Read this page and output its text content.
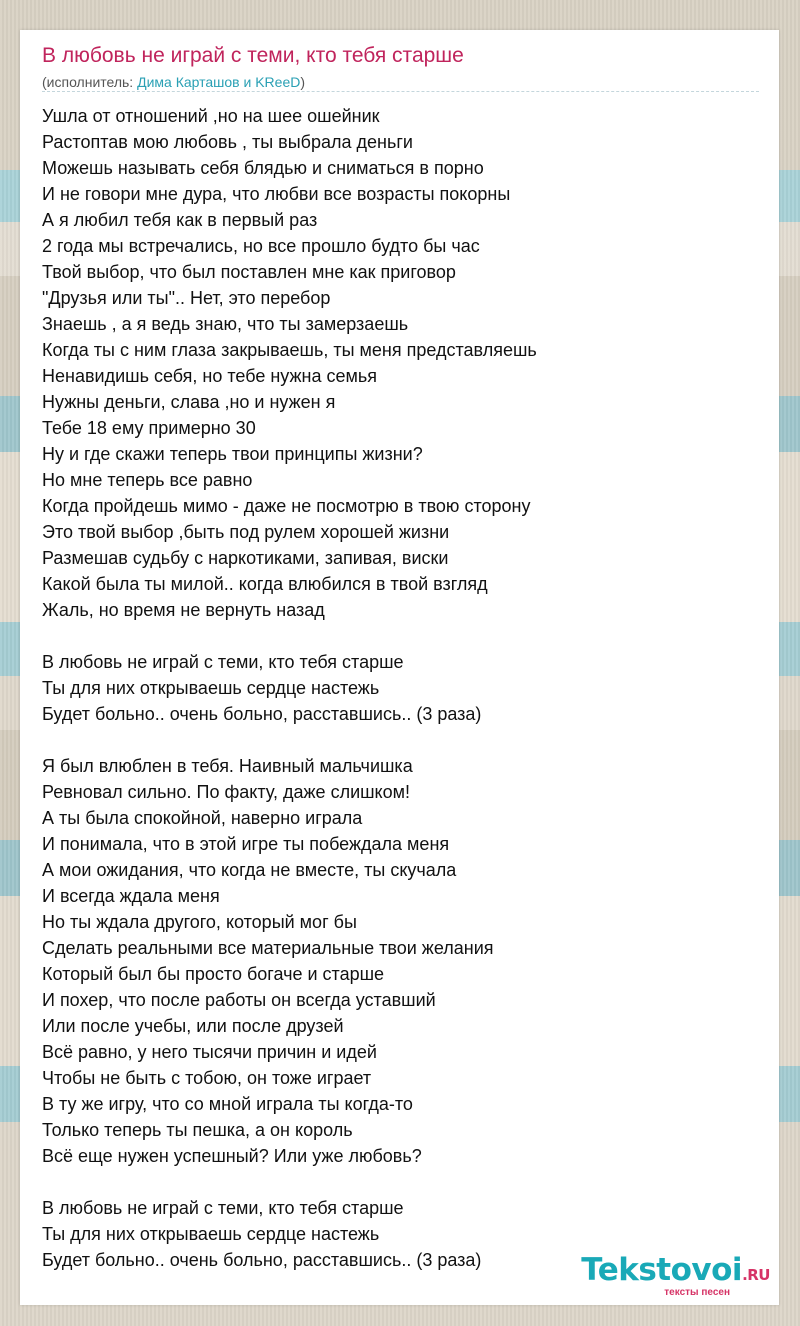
В любовь не играй с теми, кто тебя старше
(исполнитель: Дима Карташов и KReeD)
Ушла от отношений ,но на шее ошейник
Растоптав мою любовь , ты выбрала деньги
Можешь называть себя блядью и сниматься в порно
И не говори мне дура, что любви все возрасты покорны
А я любил тебя как в первый раз
2 года мы встречались, но все прошло будто бы час
Твой выбор, что был поставлен мне как приговор
"Друзья или ты".. Нет, это перебор
Знаешь , а я ведь знаю, что ты замерзаешь
Когда ты с ним глаза закрываешь, ты меня представляешь
Ненавидишь себя, но тебе нужна семья
Нужны деньги, слава ,но и нужен я
Тебе 18 ему примерно 30
Ну и где скажи теперь твои принципы жизни?
Но мне теперь все равно
Когда пройдешь мимо - даже не посмотрю в твою сторону
Это твой выбор ,быть под рулем хорошей жизни
Размешав судьбу с наркотиками, запивая, виски
Какой была ты милой.. когда влюбился в твой взгляд
Жаль, но время не вернуть назад
В любовь не играй с теми, кто тебя старше
Ты для них открываешь сердце настежь
Будет больно.. очень больно, расставшись.. (3 раза)
Я был влюблен в тебя. Наивный мальчишка
Ревновал сильно. По факту, даже слишком!
А ты была спокойной, наверно играла
И понимала, что в этой игре ты побеждала меня
А мои ожидания, что когда не вместе, ты скучала
И всегда ждала меня
Но ты ждала другого, который мог бы
Сделать реальными все материальные твои желания
Который был бы просто богаче и старше
И похер, что после работы он всегда уставший
Или после учебы, или после друзей
Всё равно, у него тысячи причин и идей
Чтобы не быть с тобою, он тоже играет
В ту же игру, что со мной играла ты когда-то
Только теперь ты пешка, а он король
Всё еще нужен успешный? Или уже любовь?
В любовь не играй с теми, кто тебя старше
Ты для них открываешь сердце настежь
Будет больно.. очень больно, расставшись.. (3 раза)	Tekstovoi.RU
тексты песен
